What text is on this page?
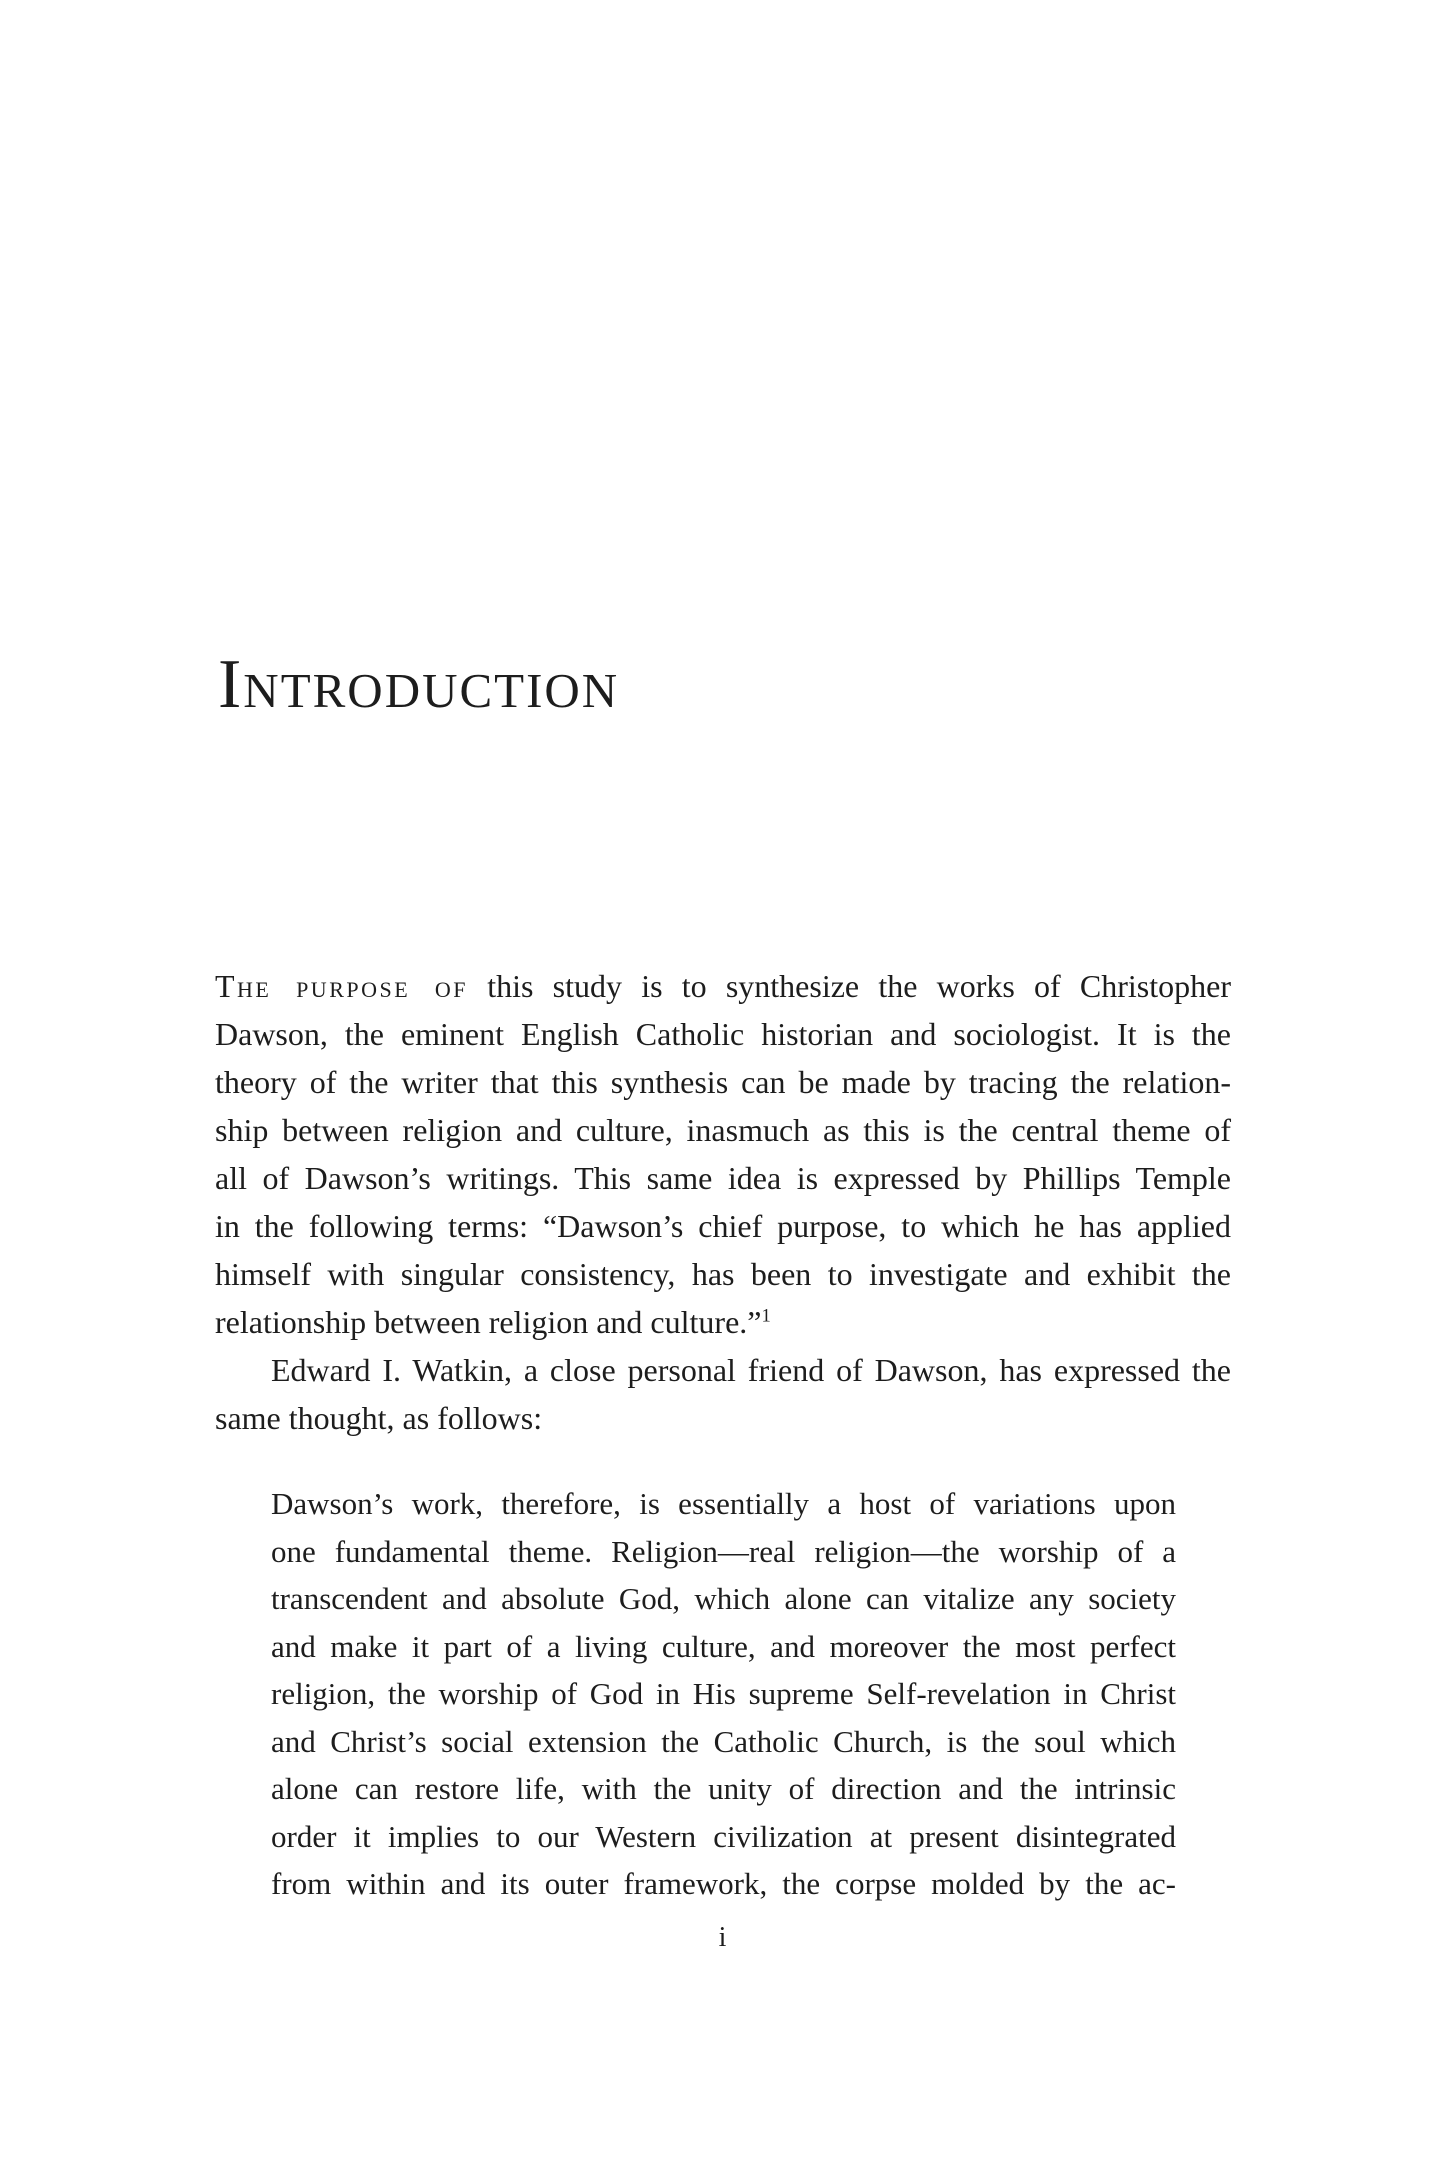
Introduction
The purpose of this study is to synthesize the works of Christopher
Dawson, the eminent English Catholic historian and sociologist. It is the
theory of the writer that this synthesis can be made by tracing the relation-
ship between religion and culture, inasmuch as this is the central theme of
all of Dawson’s writings. This same idea is expressed by Phillips Temple
in the following terms: “Dawson’s chief purpose, to which he has applied
himself with singular consistency, has been to investigate and exhibit the
relationship between religion and culture.”$^1$
Edward I. Watkin, a close personal friend of Dawson, has expressed the
same thought, as follows:
Dawson’s work, therefore, is essentially a host of variations upon
one fundamental theme. Religion—real religion—the worship of a
transcendent and absolute God, which alone can vitalize any society
and make it part of a living culture, and moreover the most perfect
religion, the worship of God in His supreme Self-revelation in Christ
and Christ’s social extension the Catholic Church, is the soul which
alone can restore life, with the unity of direction and the intrinsic
order it implies to our Western civilization at present disintegrated
from within and its outer framework, the corpse molded by the ac-
i
